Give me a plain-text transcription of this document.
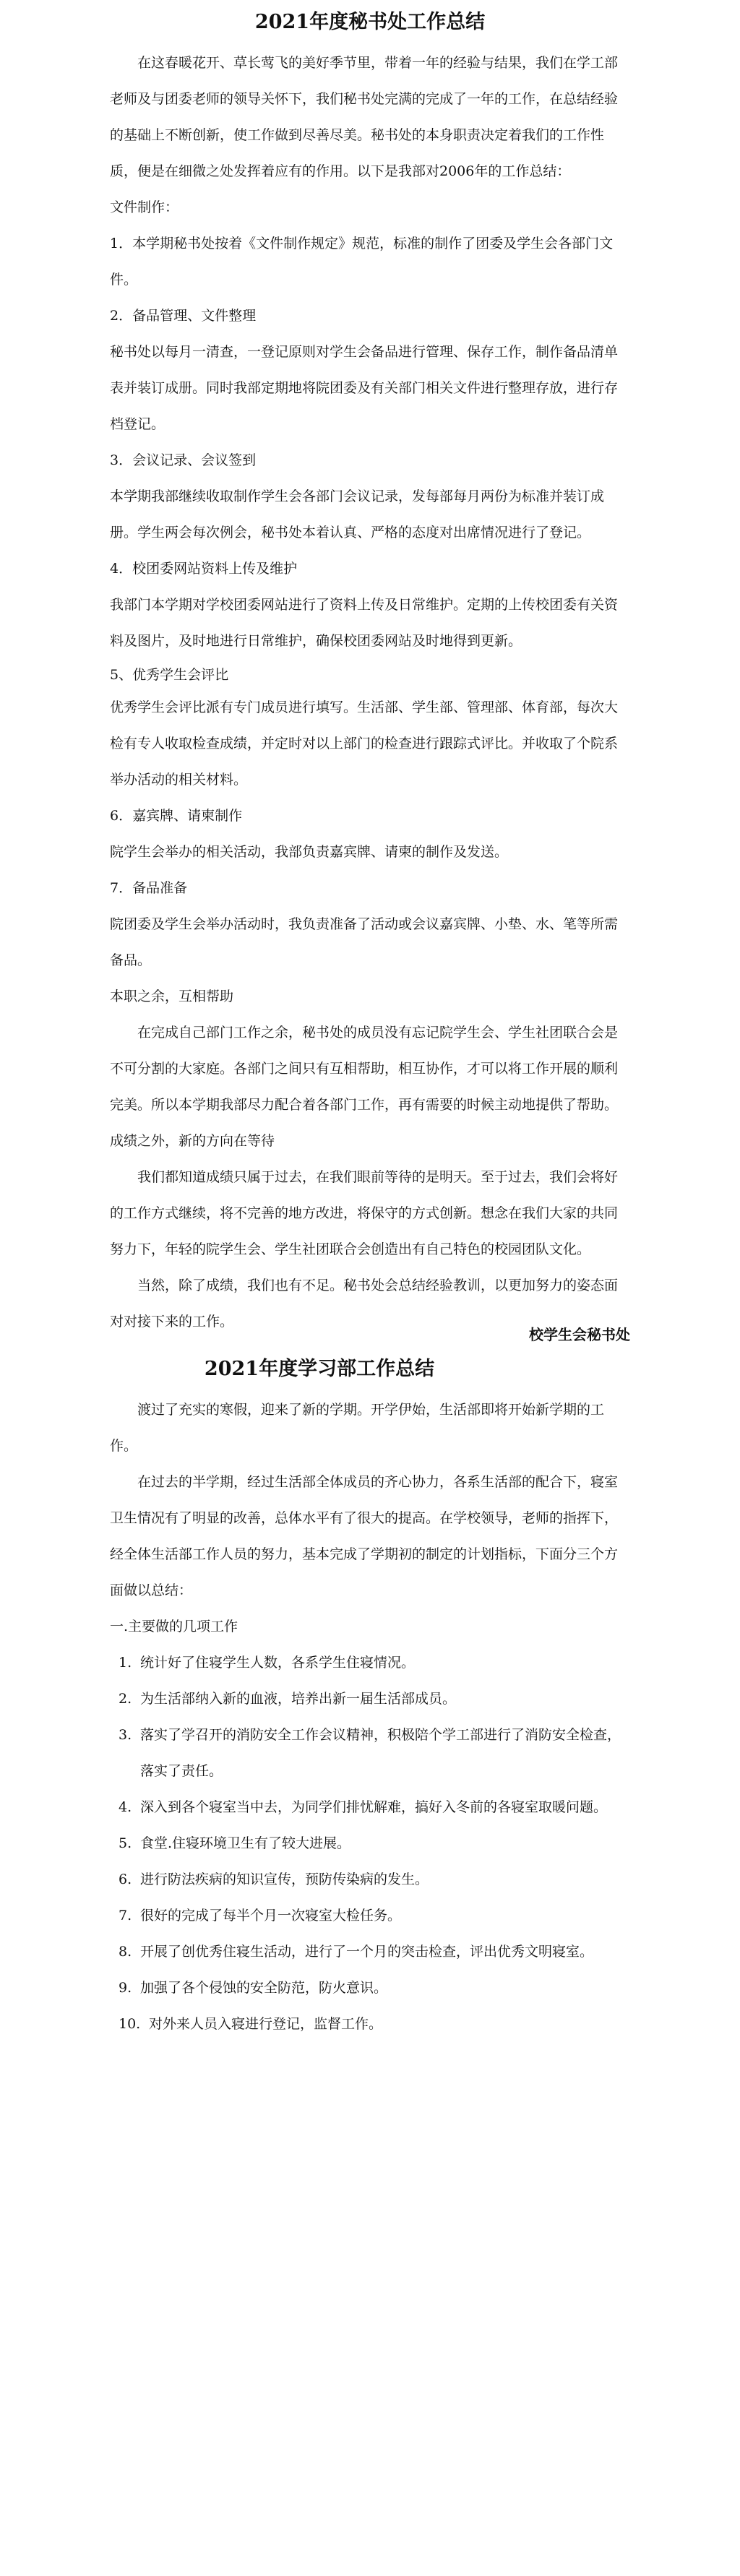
2021年度秘书处工作总结

在这春暖花开、草长莺飞的美好季节里，带着一年的经验与结果，我们在学工部老师及与团委老师的领导关怀下，我们秘书处完满的完成了一年的工作，在总结经验的基础上不断创新，使工作做到尽善尽美。秘书处的本身职责决定着我们的工作性质，便是在细微之处发挥着应有的作用。以下是我部对2006年的工作总结：

文件制作：

1．本学期秘书处按着《文件制作规定》规范，标准的制作了团委及学生会各部门文件。

2．备品管理、文件整理

秘书处以每月一清查，一登记原则对学生会备品进行管理、保存工作，制作备品清单表并装订成册。同时我部定期地将院团委及有关部门相关文件进行整理存放，进行存档登记。

3．会议记录、会议签到

本学期我部继续收取制作学生会各部门会议记录，发每部每月两份为标准并装订成册。学生两会每次例会，秘书处本着认真、严格的态度对出席情况进行了登记。

4．校团委网站资料上传及维护

我部门本学期对学校团委网站进行了资料上传及日常维护。定期的上传校团委有关资料及图片，及时地进行日常维护，确保校团委网站及时地得到更新。

5、优秀学生会评比

优秀学生会评比派有专门成员进行填写。生活部、学生部、管理部、体育部，每次大检有专人收取检查成绩，并定时对以上部门的检查进行跟踪式评比。并收取了个院系举办活动的相关材料。

6．嘉宾牌、请柬制作

院学生会举办的相关活动，我部负责嘉宾牌、请柬的制作及发送。

7．备品准备

院团委及学生会举办活动时，我负责准备了活动或会议嘉宾牌、小垫、水、笔等所需备品。

本职之余，互相帮助

在完成自己部门工作之余，秘书处的成员没有忘记院学生会、学生社团联合会是不可分割的大家庭。各部门之间只有互相帮助，相互协作，才可以将工作开展的顺利完美。所以本学期我部尽力配合着各部门工作，再有需要的时候主动地提供了帮助。

成绩之外，新的方向在等待

我们都知道成绩只属于过去，在我们眼前等待的是明天。至于过去，我们会将好的工作方式继续，将不完善的地方改进，将保守的方式创新。想念在我们大家的共同努力下，年轻的院学生会、学生社团联合会创造出有自己特色的校园团队文化。

当然，除了成绩，我们也有不足。秘书处会总结经验教训，以更加努力的姿态面对对接下来的工作。

校学生会秘书处
2021年度学习部工作总结

渡过了充实的寒假，迎来了新的学期。开学伊始，生活部即将开始新学期的工作。

在过去的半学期，经过生活部全体成员的齐心协力，各系生活部的配合下，寝室卫生情况有了明显的改善，总体水平有了很大的提高。在学校领导，老师的指挥下，经全体生活部工作人员的努力，基本完成了学期初的制定的计划指标，下面分三个方面做以总结：

一.主要做的几项工作

1. 统计好了住寝学生人数，各系学生住寝情况。
2. 为生活部纳入新的血液，培养出新一届生活部成员。
3. 落实了学召开的消防安全工作会议精神，积极陪个学工部进行了消防安全检查，落实了责任。
4. 深入到各个寝室当中去，为同学们排忧解难，搞好入冬前的各寝室取暖问题。
5. 食堂.住寝环境卫生有了较大进展。
6. 进行防法疾病的知识宣传，预防传染病的发生。
7. 很好的完成了每半个月一次寝室大检任务。
8. 开展了创优秀住寝生活动，进行了一个月的突击检查，评出优秀文明寝室。
9. 加强了各个侵蚀的安全防范，防火意识。
10. 对外来人员入寝进行登记，监督工作。
